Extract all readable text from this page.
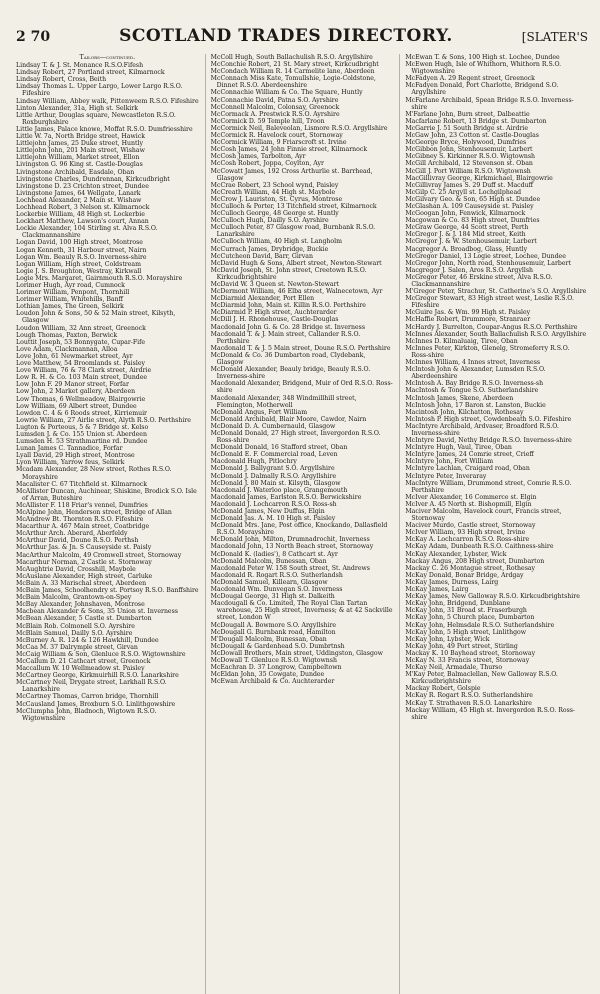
2 70	SCOTLAND TRADES DIRECTORY.	[SLATER'S
Tailors—continued.
Lindsay T. & J. St. Monance R.S.O.Fifesh
Lindsay Robert, 27 Portland street, Kilmarnock
Lindsay Robert, Cross, Beith
Lindsay Thomas L. Upper Largo, Lower Largo R.S.O. Fifeshire
Lindsay William, Abbey walk, Pittenweem R.S.O. Fifeshire
Linton Alexander, 31a, High st. Selkirk
Little Arthur, Douglas square, Newcastleton R.S.O. Roxburghshire
Little James, Palace knowe, Moffat R.S.O. Dumfriesshire
Little W. 7a, North Bridge street, Hawick
Littlejohn James, 25 Duke street, Huntly
Littlejohn John, 201 Main street, Wishaw
Littlejohn William, Market street, Ellon
Livingston G. 96 King st. Castle-Douglas
Livingstone Archibald, Easdale, Oban
Livingstone Charles, Dundrennan, Kirkcudbright
Livingstone D. 23 Crichton street, Dundee
Livingstone James, 64 Wellgate, Lanark
Lochhead Alexander, 2 Main st. Wishaw
Lochhead Robert, 3 Nelson st. Kilmarnock
Lockerbie William, 48 High st. Lockerbie
Lockhart Matthew, Lawson's court, Annan
Lockie Alexander, 104 Stirling st. Alva R.S.O. Clackmannanshire
Logan David, 100 High street, Montrose
Logan Kenneth, 31 Harbour street, Nairn
Logan Wm. Beauly R.S.O. Inverness-shire
Logan William, High street, Coldstream
Logie J. S. Broughton, Westray, Kirkwall
Logie Mrs. Margaret, Gairnmouth R.S.O. Morayshire
Lorimer Hugh, Ayr road, Cumnock
Lorimer William, Penpont, Thornhill
Lorimer William, Whitehills, Banff
Lothian James, The Green, Selkirk
Loudon John & Sons, 50 & 52 Main street, Kilsyth, Glasgow
Loudon William, 32 Ann street, Greenock
Lough Thomas, Paxton, Berwick
Louttit Joseph, 53 Bonnygate, Cupar-Fife
Love Adam, Clackmannan, Alloa
Love John, 61 Newmarket street, Ayr
Love Matthew, 54 Broomlands st. Paisley
Love William, 76 & 78 Clark street, Airdrie
Low R. H. & Co. 103 Main street, Dundee
Low John F. 29 Manor street, Forfar
Low John, 2 Market gallery, Aberdeen
Low Thomas, 6 Wellmeadow, Blairgowrie
Low William, 69 Albert street, Dundee
Lowdon C. 4 & 6 Roods street, Kirriemuir
Lowrie William, 27 Airlie street, Alyth R.S.O. Perthshire
Lugton & Porteous, 5 & 7 Bridge st. Kelso
Lumsden J. & Co. 155 Union st. Aberdeen
Lumsden H. 53 Strathmartine rd. Dundee
Lunan James C. Tannadice, Forfar
Lyall David, 29 High street, Montrose
Lyon William, Yarrow feus, Selkirk
Mcadam Alexander, 28 New street, Rothes R.S.O. Morayshire
Macalister C. 67 Titchfield st. Kilmarnock
McAllister Duncan, Auchinear, Shiskine, Brodick S.O. Isle of Arran, Buteshire
McAllister F. 118 Friar's vennel, Dumfries
McAlpine John, Henderson street, Bridge of Allan
McAndrew Bt. Thornton R.S.O. Fifeshire
Macarthur A. 467 Main street, Coatbridge
McArthur Arch. Aberard, Aberfeldy
McArthur David, Doune R.S.O. Perthsh
McArthur Jas. & Jn. S Causeyside st. Paisly
MacArthur Malcolm, 49 Cromwell street, Stornoway
Macarthur Norman, 2 Castle st. Stornoway
McAughtrie David, Crosshill, Maybole
McAuslane Alexander, High street, Carluke
McBain A. 33 Marischal street, Aberdeen
McBain James, Schoolhendry st. Portsoy R.S.O. Banffshire
McBain Malcolm, Grantown-on-Spey
McBay Alexander, Johnshaven, Montrose
Macbean Alexander & Sons, 35 Union st. Inverness
McBean Alexander, 5 Castle st. Dumbarton
McBlain Rob. Colmonell S.O. Ayrshire
McBlain Samuel, Dailly S.O. Ayrshire
McBurney A. R. 124 & 126 Hawkhill, Dundee
McCaa M. 37 Dalrymple street, Girvan
McCaig William & Son, Glenluce R.S.O. Wigtownshire
McCallum D. 21 Cathcart street, Greenock
Maccallum W. 10 Wellmeadow st. Paisley
McCartney George, Kirkmuirhill R.S.O. Lanarkshire
McCartney Neil, Drygate street, Larkhall R.S.O. Lanarkshire
McCartney Thomas, Carron bridge, Thornhill
McCausland James, Broxburn S.O. Linlithgowshire
McClumpha John, Bladnoch, Wigtown R.S.O. Wigtownshire
McColl Hugh, South Ballachulish R.S.O. Argyllshire
McConchie Robert, 21 St. Mary street, Kirkcudbright
McCondach William R. 14 Carmelite lane, Aberdeen
McConnach Miss Kate, Tomullshie, Logie-Coldstone, Dinnet R.S.O. Aberdeenshire
McConnachie William & Co. The Square, Huntly
McConnachie David, Patna S.O. Ayrshire
McConnell Malcolm, Colonsay, Greenock
McCormack A. Prestwick R.S.O. Ayrshire
McCormick D. 59 Temple hill, Troon
McCormick Neil, Baleveolan, Lismore R.S.O. Argyllshire
McCormick R. Havelock court, Stornoway
McCormick William, 9 Friarscroft st. Irvine
McCosh James, 24 John Finnie street, Kilmarnock
McCosh James, Tarbolton, Ayr
McCosh Robert, Joppa, Coylton, Ayr
McCowatt James, 192 Cross Arthurlie st. Barrhead, Glasgow
McCrae Robert, 23 School wynd, Paisley
McCreath William, 44 High st. Maybole
McCrow J. Lauriston, St. Cyrus, Montrose
McCulloch & Porter, 13 Titchfield street, Kilmarnock
McCulloch George, 48 George st. Huntly
McCulloch Hugh, Dailly S.O. Ayrshire
McCulloch Peter, 87 Glasgow road, Burnbank R.S.O. Lanarkshire
McCulloch William, 40 High st. Langholm
McCurrach James, Drybridge, Buckie
McCutcheon David, Barr, Girvan
McDavid Hugh & Sons, Albert street, Newton-Stewart
McDavid Joseph, St. John street, Creetown R.S.O. Kirkcudbrightshire
McDavid W. 3 Queen st. Newton-Stewart
McDermont William, 46 Elba street, Walnecetown, Ayr
McDiarmid Alexander, Port Ellen
McDiarmid John, Main st. Killin R.S.O. Perthshire
McDiarmid P. High street, Auchterarder
McDill J. H. Rhonehouse, Castle-Douglas
Macdonald John G. & Co. 28 Bridge st. Inverness
Macdonald T. & J. Main street, Callander R.S.O. Perthshire
Macdonald T. & J. 5 Main street, Doune R.S.O. Perthshire
McDonald & Co. 36 Dumbarton road, Clydebank, Glasgow
McDonald Alexander, Beauly bridge, Beauly R.S.O. Inverness-shire
Macdonald Alexander, Bridgend, Muir of Ord R.S.O. Ross-shire
Macdonald Alexander, 348 Windmillhill street, Flemington, Motherwell
McDonald Angus, Fort William
McDonald Archibald, Blair Moore, Cawdor, Nairn
McDonald D. A. Cumbernauld, Glasgow
McDonald Donald, 27 High street, Invergordon R.S.O. Ross-shire
McDonald Donald, 16 Stafford street, Oban
McDonald E. F. Commercial road, Leven
Macdonald Hugh, Pitlochry
McDonald J. Ballygrant S.O. Argyllshire
McDonald J. Dalmally R.S.O. Argyllshire
McDonald J. 80 Main st. Kilsyth, Glasgow
Macdonald J. Waterloo place, Grangemouth
Macdonald James, Earlston R.S.O. Berwickshire
Macdonald J. Lochcarron R.S.O. Ross-sh
McDonald James, New Duffus, Elgin
McDonald Jas. A. M. 10 High st. Paisley
McDonald Mrs. Jane, Post office, Knockando, Dallasfield R.S.O. Morayshire
McDonald John, Milton, Drumnadrochit, Inverness
Macdonald John, 13 North Beach street, Stornoway
McDonald K. (ladies'), 8 Cathcart st. Ayr
McDonald Malcolm, Bunessan, Oban
Macdonald Peter W. 158 South street, St. Andrews
Macdonald R. Rogart R.S.O. Sutherlandsh
McDonald Samuel, Killearn, Glasgow
Macdonald Wm. Dunvegan S.O. Inverness
McDougal George, 31 High st. Dalkeith
Macdougall & Co. Limited, The Royal Clan Tartan warehouse, 25 High street, Inverness; & at 42 Sackville street, London W
McDougall A. Bowmore S.O. Argyllshire
McDougall G. Burnbank road, Hamilton
M'Dougall Malcolm, Bunessan, Oban
McDougall & Gardenhead S.O. Dumbrtnsh
McDowall Brothers, Main street, Uddingston, Glasgow
McDowall T. Glenluce R.S.O. Wigtownsh
McEachran D. 37 Longrow, Campbeltown
McEldan John, 35 Cowgate, Dundee
McEwan Archibald & Co. Auchterarder
McEwan T. & Sons, 100 High st. Lochee, Dundee
McEwen Hugh, Isle of Whithorn, Whithorn R.S.O. Wigtownshire
McFadyen A. 29 Regent street, Greenock
McFadyen Donald, Port Charlotte, Bridgend S.O. Argyllshire
McFarlane Archibald, Spean Bridge R.S.O. Inverness-shire
M'Farlane John, Burn street, Dalbeattie
Macfarlane Robert, 13 Bridge st. Dumbarton
McGarrie J. 51 South Bridge st. Airdrie
McGaw John, 23 Cotton st. Castle-Douglas
McGeorge Bryce, Holywood, Dumfries
McGibbon John, Stenhousemuir, Larbert
McGibney S. Kirkinner R.S.O. Wigtownsh
McGill Archibald, 12 Stevenson st. Oban
McGill J. Port William R.S.O. Wigtownsh
MacGillivray George, Kirkmichael, Blairgowrie
McGillivray James S. 29 Duff st. Macduff
McGilp C. 25 Argyll st. Lochgilphead
McGilvary Geo. & Son, 65 High st. Dundee
McGlashan A. 109 Causeyside st. Paisley
McGoogan John, Fenwick, Kilmarnock
Macgowan & Co. 83 High street, Dumfries
McGraw George, 44 Scott street, Perth
McGregor J. & J. 184 Mid street, Keith
McGregor J. & W. Stenhousemuir, Larbert
Macgregor A. Broadbog, Glass, Huntly
McGregor Daniel, 13 Logie street, Lochee, Dundee
McGregor John, North road, Stenhousemuir, Larbert
Macgregor J. Salen, Aros R.S.O. Argyllsh
McGregor Peter, 46 Erskine street, Alva R.S.O. Clackmannanshire
M'Gregor Peter, Strachur, St. Catherine's S.O. Argyllshire
McGregor Stewart, 83 High street west, Leslie R.S.O. Fifeshire
McGuire Jas. & Wm. 99 High st. Paisley
McHaffie Robert, Drummore, Stranraer
McHardy J. Burrelton, Coupar-Angus R.S.O. Perthshire
McInnes Alexander, South Ballachulish R.S.O. Argyllshire
McInnes D. Kilmaluaig, Tiree, Oban
McInnes Peter, Kirkton, Glenelg, Stromeferry R.S.O. Ross-shire
McInnes William, 4 Innes street, Inverness
McIntosh John & Alexander, Lumsden R.S.O. Aberdeenshire
McIntosh A. Bay Bridge R.S.O. Inverness-sh
MacIntosh & Tongue S.O. Sutherlandshire
McIntosh James, Skene, Aberdeen
McIntosh John, 17 Baron st. Lanston, Buckie
Macintosh John, Kilchatton, Rothesay
McIntosh P. High street, Cowdenbeath S.O. Fifeshire
MacIntyre Archibald, Ardvaser, Broadford R.S.O. Inverness-shire
McIntyre David, Nethy Bridge R.S.O. Inverness-shire
McIntyre Hugh, Vaul, Tiree, Oban
McIntyre James, 24 Comrie street, Crieff
McIntyre John, Fort William
McIntyre Lachlan, Craigard road, Oban
McIntyre Peter, Inveraray
MacIntyre William, Drummond street, Comrie R.S.O. Perthshire
McIver Alexander, 16 Commerce st. Elgin
McIver A. 45 North st. Bishopmill, Elgin
Maciver Malcolm, Havelock court, Francis street, Stornoway
Maciver Murdo, Castle street, Stornoway
McIver William, 93 High street, Irvine
McKay A. Lochcarron R.S.O. Ross-shire
McKay Adam, Dunbeath R.S.O. Caithness-shire
McKay Alexander, Lybster, Wick
Mackay Angus, 208 High street, Dumbarton
Mackay C. 26 Montague street, Rothesay
McKay Donald, Bonar Bridge, Ardgay
McKay James, Durness, Lairg
McKay James, Lairg
McKay James, New Galloway R.S.O. Kirkcudbrightshire
McKay John, Bridgend, Dunblane
McKay John, 31 Broad st. Fraserburgh
McKay John, 5 Church place, Dumbarton
McKay John, Helmsdale R.S.O. Sutherlandshire
McKay John, 5 High street, Linlithgow
McKay John, Lybster, Wick
McKay John, 49 Port street, Stirling
Mackay K. 10 Bayhead street, Stornoway
McKay N. 33 Francis street, Stornoway
McKay Neil, Armadale, Thurso
M'Kay Peter, Balmaclellan, New Galloway R.S.O. Kirkcudbrightshire
Mackay Robert, Golspie
McKay R. Rogart R.S.O. Sutherlandshire
McKay T. Strathaven R.S.O. Lanarkshire
Mackay William, 45 High st. Invergordon R.S.O. Ross-shire
